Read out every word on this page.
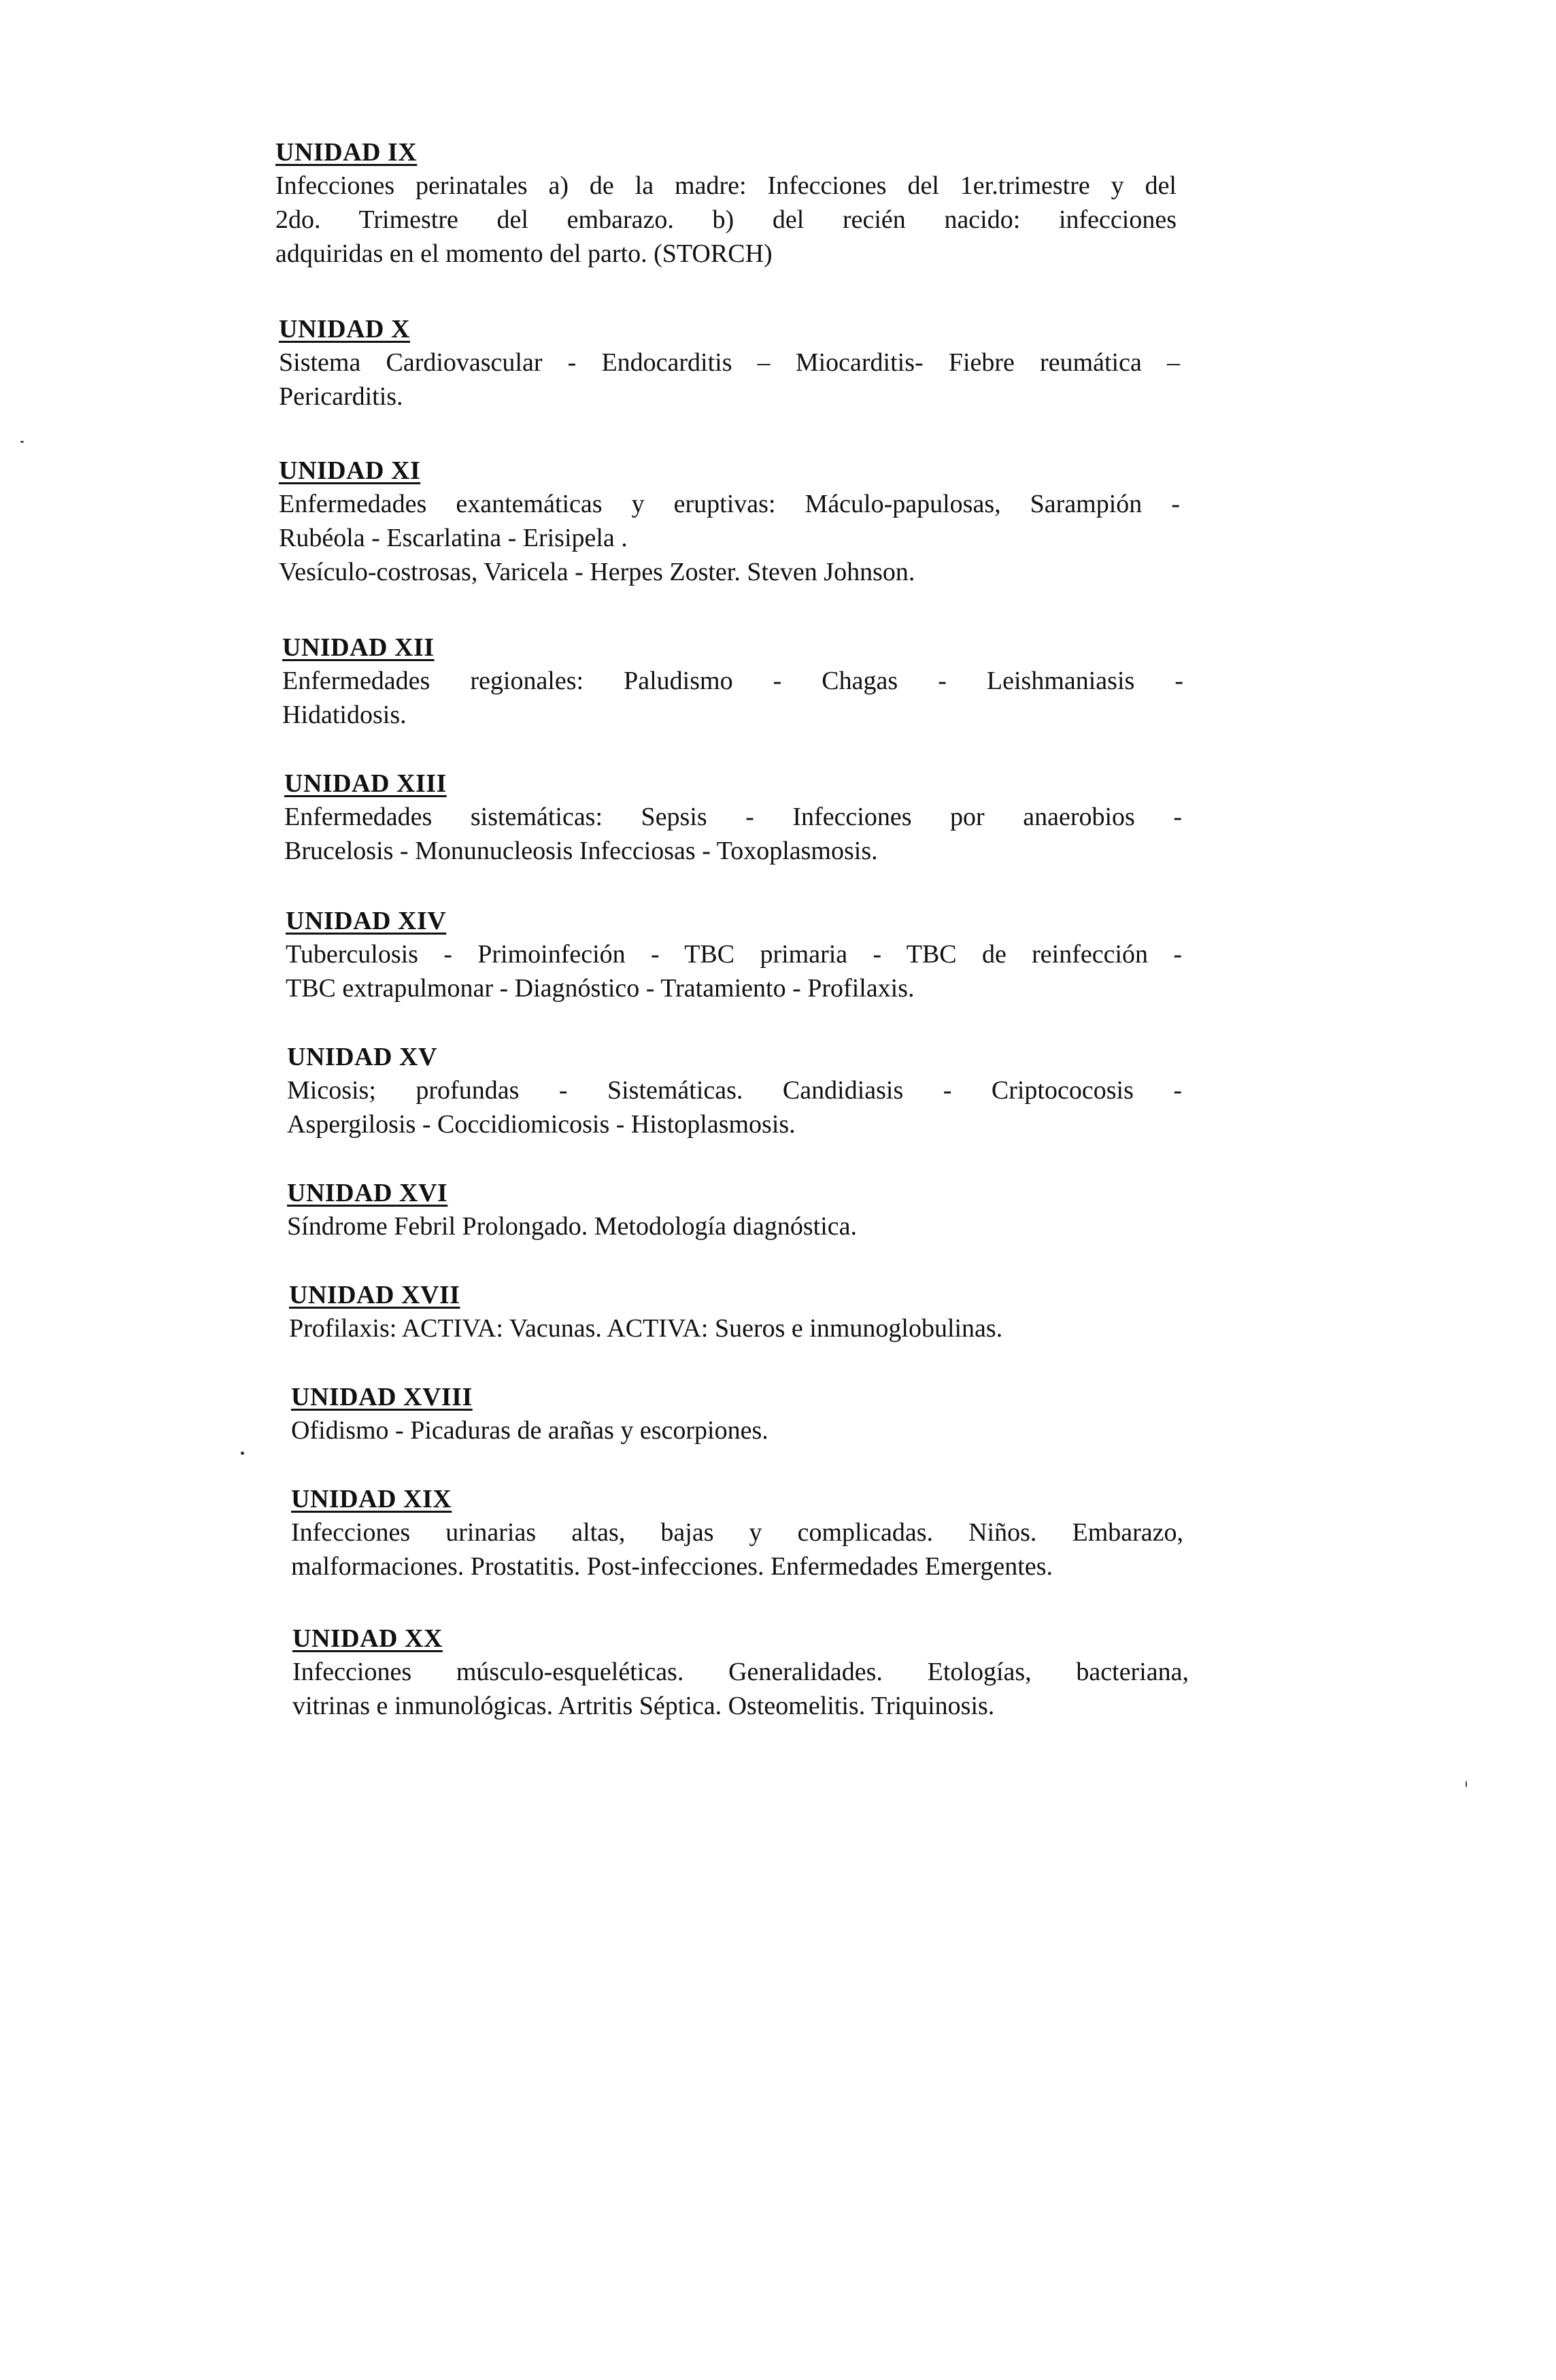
UNIDAD IX

Infecciones perinatales a) de la madre: Infecciones del 1er.trimestre y del

2do. Trimestre del embarazo. b) del recién nacido: infecciones

adquiridas en el momento del parto. (STORCH)

UNIDAD X

Sistema Cardiovascular - Endocarditis – Miocarditis- Fiebre reumática –

Pericarditis.

UNIDAD XI

Enfermedades exantemáticas y eruptivas: Máculo-papulosas, Sarampión -

Rubéola - Escarlatina - Erisipela .

Vesículo-costrosas, Varicela - Herpes Zoster. Steven Johnson.

UNIDAD XII

Enfermedades regionales: Paludismo - Chagas - Leishmaniasis -

Hidatidosis.

UNIDAD XIII

Enfermedades sistemáticas: Sepsis - Infecciones por anaerobios -

Brucelosis - Monunucleosis Infecciosas - Toxoplasmosis.

UNIDAD XIV

Tuberculosis - Primoinfeción - TBC primaria - TBC de reinfección -

TBC extrapulmonar - Diagnóstico - Tratamiento - Profilaxis.

UNIDAD XV

Micosis; profundas - Sistemáticas. Candidiasis - Criptococosis -

Aspergilosis - Coccidiomicosis - Histoplasmosis.

UNIDAD XVI

Síndrome Febril Prolongado. Metodología diagnóstica.

UNIDAD XVII

Profilaxis: ACTIVA: Vacunas. ACTIVA: Sueros e inmunoglobulinas.

UNIDAD XVIII

Ofidismo - Picaduras de arañas y escorpiones.

UNIDAD XIX

Infecciones urinarias altas, bajas y complicadas. Niños. Embarazo,

malformaciones. Prostatitis. Post-infecciones. Enfermedades Emergentes.

UNIDAD XX

Infecciones músculo-esqueléticas. Generalidades. Etologías, bacteriana,

vitrinas e inmunológicas. Artritis Séptica. Osteomelitis. Triquinosis.
